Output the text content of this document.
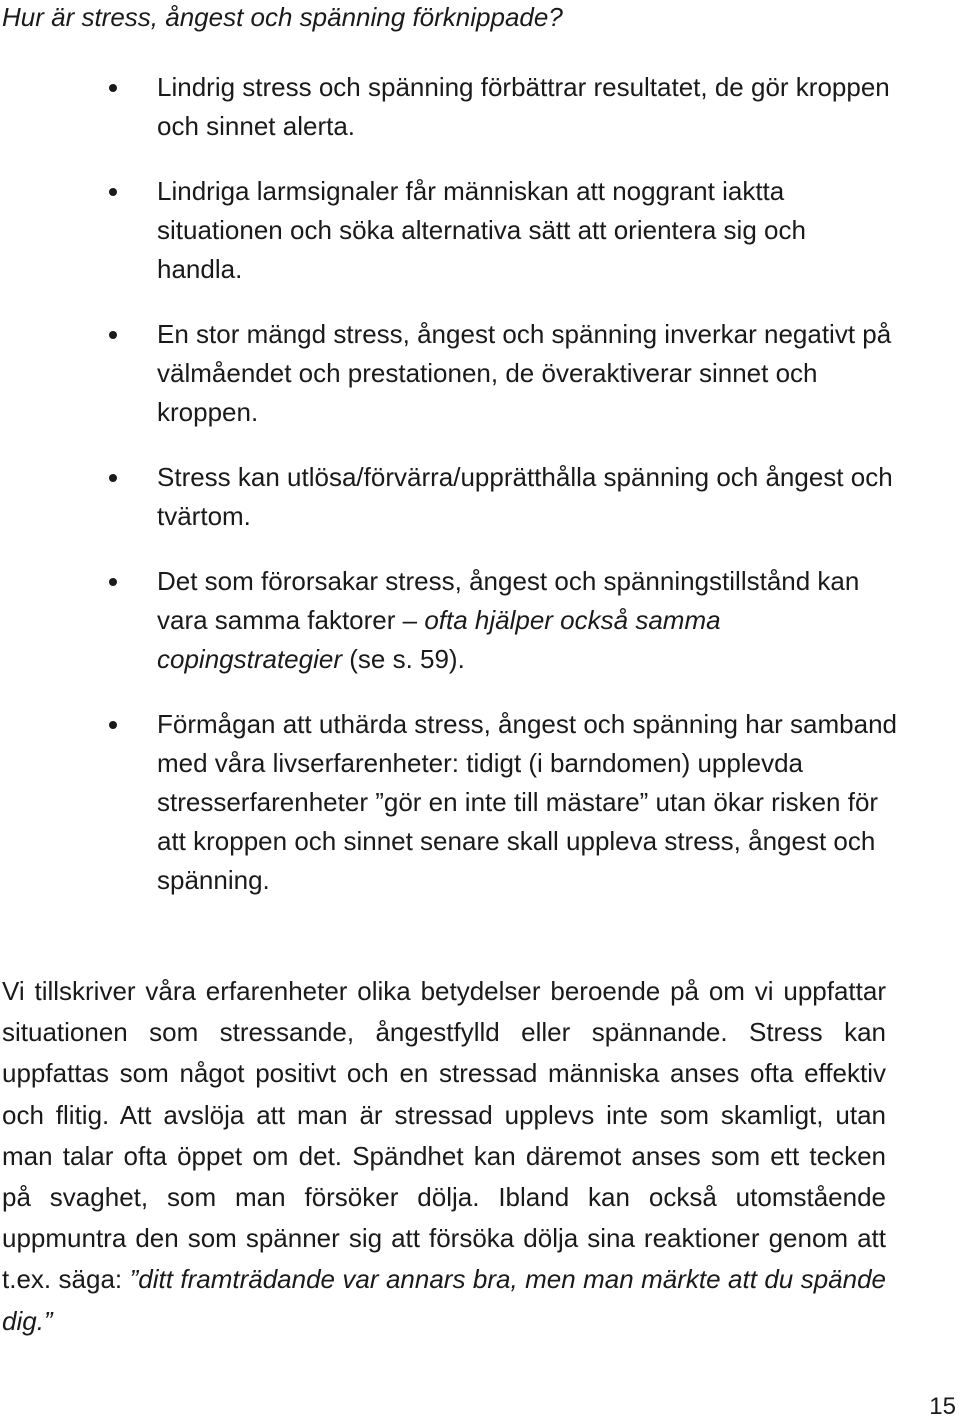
Hur är stress, ångest och spänning förknippade?
Lindrig stress och spänning förbättrar resultatet, de gör kroppen och sinnet alerta.
Lindriga larmsignaler får människan att noggrant iaktta situationen och söka alternativa sätt att orientera sig och handla.
En stor mängd stress, ångest och spänning inverkar negativt på välmåendet och prestationen, de överaktiverar sinnet och kroppen.
Stress kan utlösa/förvärra/upprätthålla spänning och ångest och tvärtom.
Det som förorsakar stress, ångest och spänningstillstånd kan vara samma faktorer – ofta hjälper också samma copingstrategier (se s. 59).
Förmågan att uthärda stress, ångest och spänning har samband med våra livserfarenheter: tidigt (i barndomen) upplevda stresserfarenheter ”gör en inte till mästare” utan ökar risken för att kroppen och sinnet senare skall uppleva stress, ångest och spänning.

Vi tillskriver våra erfarenheter olika betydelser beroende på om vi uppfattar situationen som stressande, ångestfylld eller spännande. Stress kan uppfattas som något positivt och en stressad människa anses ofta effektiv och flitig. Att avslöja att man är stressad upplevs inte som skamligt, utan man talar ofta öppet om det. Spändhet kan däremot anses som ett tecken på svaghet, som man försöker dölja. Ibland kan också utomstående uppmuntra den som spänner sig att försöka dölja sina reaktioner genom att t.ex. säga: ”ditt framträdande var annars bra, men man märkte att du spände dig.”

15
